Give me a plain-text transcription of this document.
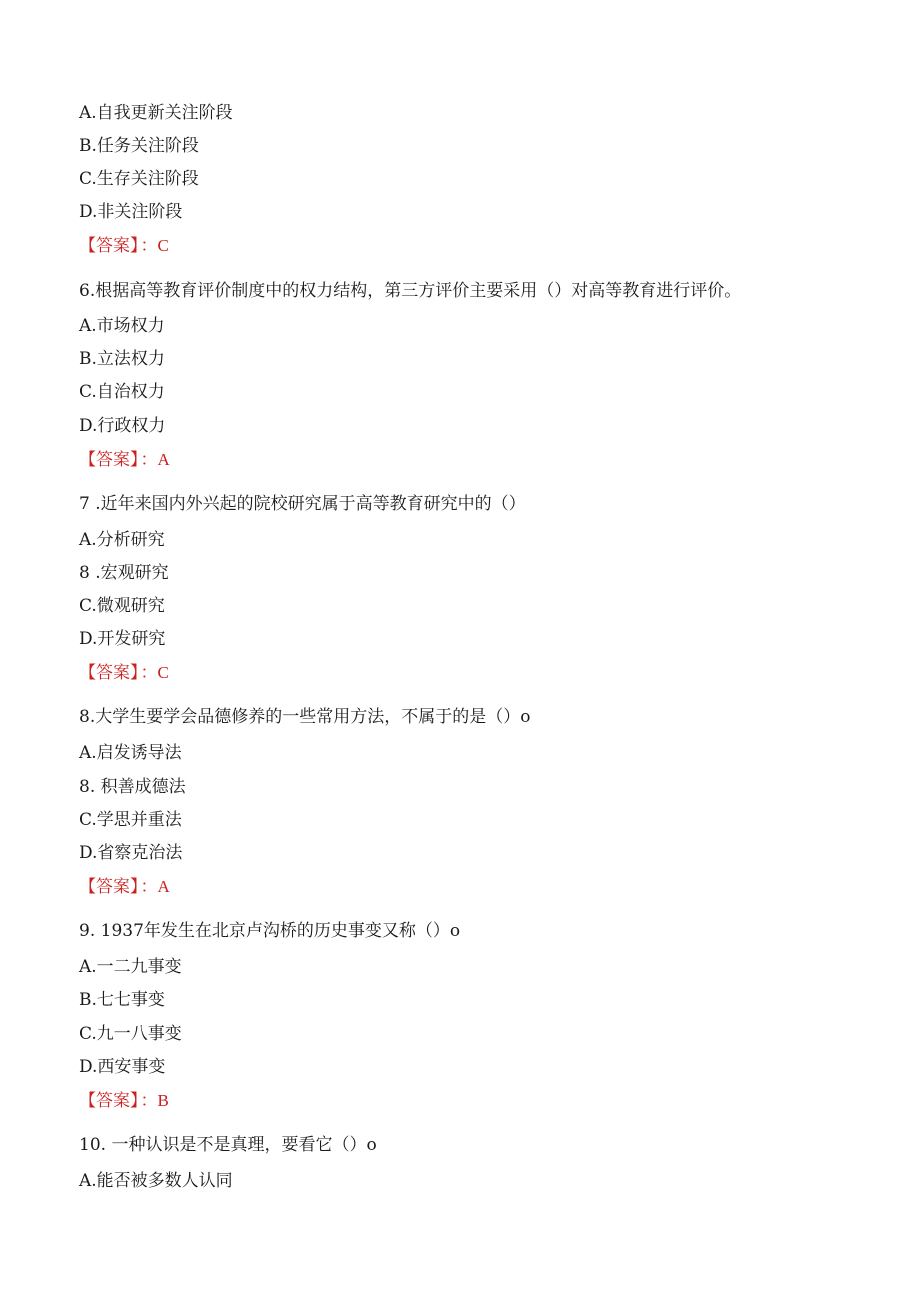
A.自我更新关注阶段
B.任务关注阶段
C.生存关注阶段
D.非关注阶段
【答案】 ：C
6.根据高等教育评价制度中的权力结构，第三方评价主要采用（）对高等教育进行评价。
A.市场权力
B.立法权力
C.自治权力
D.行政权力
【答案】 ：A
7 .近年来国内外兴起的院校研究属于高等教育研究中的（）
A.分析研究
8 .宏观研究
C.微观研究
D.开发研究
【答案】 ：C
8.大学生要学会品德修养的一些常用方法，不属于的是（）o
A.启发诱导法
8. 积善成德法
C.学思并重法
D.省察克治法
【答案】 ：A
9. 1937年发生在北京卢沟桥的历史事变又称（）o
A.一二九事变
B.七七事变
C.九一八事变
D.西安事变
【答案】 ：B
10. 一种认识是不是真理，要看它（）o
A.能否被多数人认同
